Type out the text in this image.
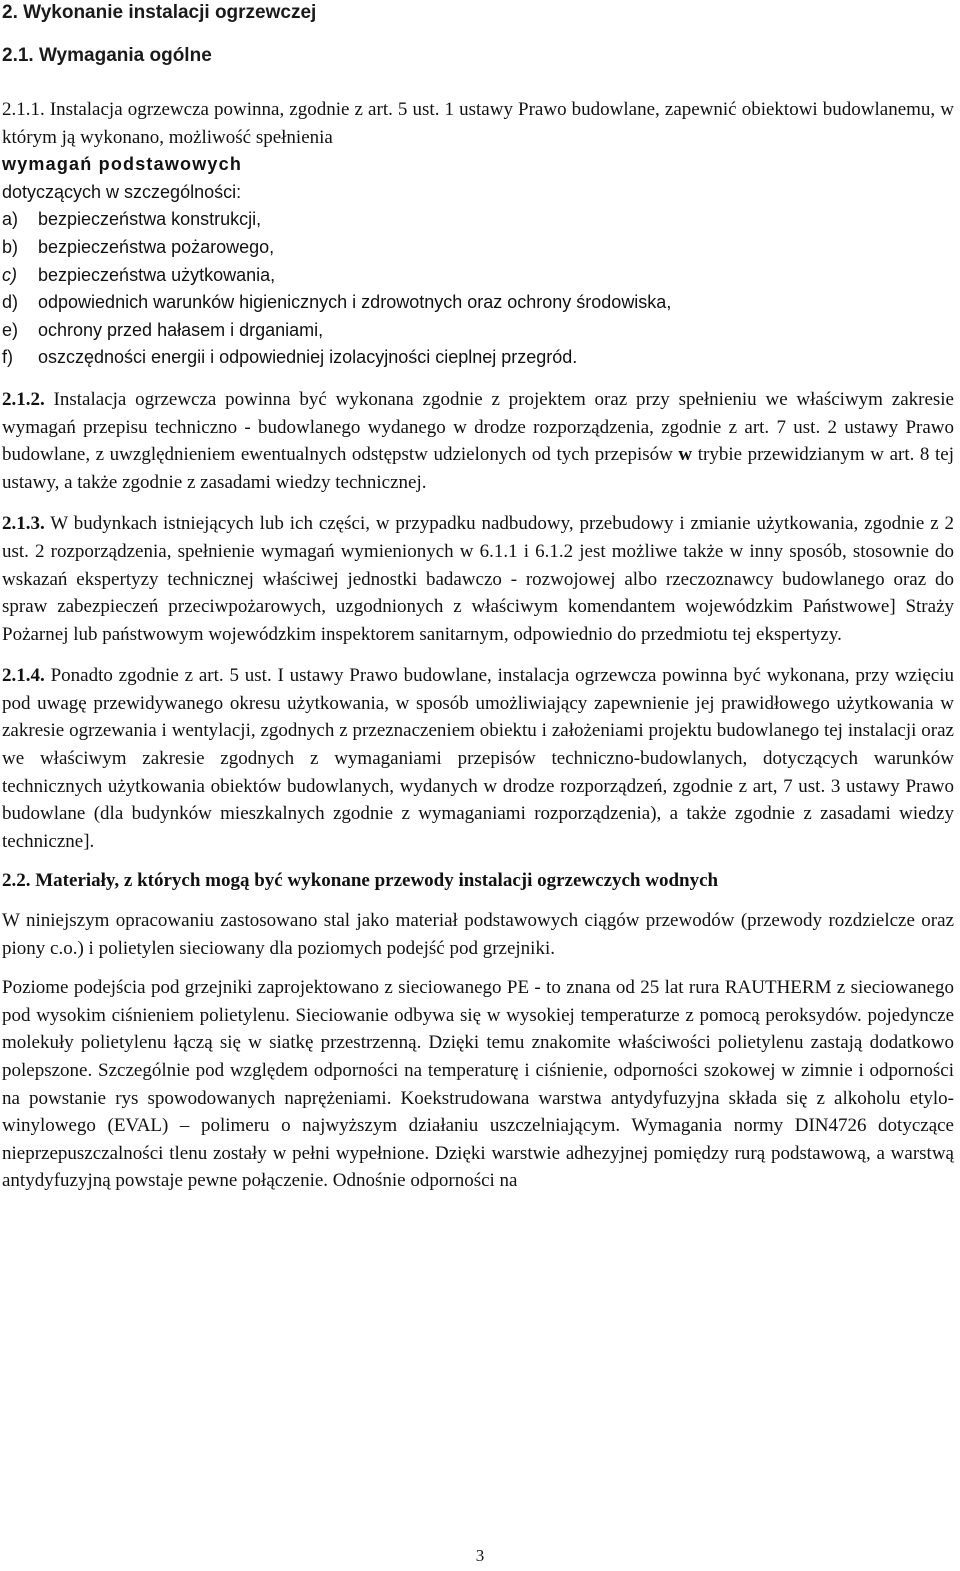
2. Wykonanie instalacji ogrzewczej
2.1. Wymagania ogólne

2.1.1. Instalacja ogrzewcza powinna, zgodnie z art. 5 ust. 1 ustawy Prawo budowlane, zapewnić obiektowi budowlanemu, w którym ją wykonano, możliwość spełnienia

wymagań podstawowych

dotyczących w szczególności:

a) bezpieczeństwa konstrukcji,
b) bezpieczeństwa pożarowego,
c) bezpieczeństwa użytkowania,
d) odpowiednich warunków higienicznych i zdrowotnych oraz ochrony środowiska,
e) ochrony przed hałasem i drganiami,
f) oszczędności energii i odpowiedniej izolacyjności cieplnej przegród.

2.1.2. Instalacja ogrzewcza powinna być wykonana zgodnie z projektem oraz przy spełnieniu we właściwym zakresie wymagań przepisu techniczno - budowlanego wydanego w drodze rozporządzenia, zgodnie z art. 7 ust. 2 ustawy Prawo budowlane, z uwzględnieniem ewentualnych odstępstw udzielonych od tych przepisów w trybie przewidzianym w art. 8 tej ustawy, a także zgodnie z zasadami wiedzy technicznej.

2.1.3. W budynkach istniejących lub ich części, w przypadku nadbudowy, przebudowy i zmianie użytkowania, zgodnie z 2 ust. 2 rozporządzenia, spełnienie wymagań wymienionych w 6.1.1 i 6.1.2 jest możliwe także w inny sposób, stosownie do wskazań ekspertyzy technicznej właściwej jednostki badawczo - rozwojowej albo rzeczoznawcy budowlanego oraz do spraw zabezpieczeń przeciwpożarowych, uzgodnionych z właściwym komendantem wojewódzkim Państwowe] Straży Pożarnej lub państwowym wojewódzkim inspektorem sanitarnym, odpowiednio do przedmiotu tej ekspertyzy.

2.1.4. Ponadto zgodnie z art. 5 ust. I ustawy Prawo budowlane, instalacja ogrzewcza powinna być wykonana, przy wzięciu pod uwagę przewidywanego okresu użytkowania, w sposób umożliwiający zapewnienie jej prawidłowego użytkowania w zakresie ogrzewania i wentylacji, zgodnych z przeznaczeniem obiektu i założeniami projektu budowlanego tej instalacji oraz we właściwym zakresie zgodnych z wymaganiami przepisów techniczno-budowlanych, dotyczących warunków technicznych użytkowania obiektów budowlanych, wydanych w drodze rozporządzeń, zgodnie z art, 7 ust. 3 ustawy Prawo budowlane (dla budynków mieszkalnych zgodnie z wymaganiami rozporządzenia), a także zgodnie z zasadami wiedzy techniczne].

2.2. Materiały, z których mogą być wykonane przewody instalacji ogrzewczych wodnych

W niniejszym opracowaniu zastosowano stal jako materiał podstawowych ciągów przewodów (przewody rozdzielcze oraz piony c.o.) i polietylen sieciowany dla poziomych podejść pod grzejniki.

Poziome podejścia pod grzejniki zaprojektowano z sieciowanego PE - to znana od 25 lat rura RAUTHERM z sieciowanego pod wysokim ciśnieniem polietylenu. Sieciowanie odbywa się w wysokiej temperaturze z pomocą peroksydów. pojedyncze molekuły polietylenu łączą się w siatkę przestrzenną. Dzięki temu znakomite właściwości polietylenu zastają dodatkowo polepszone. Szczególnie pod względem odporności na temperaturę i ciśnienie, odporności szokowej w zimnie i odporności na powstanie rys spowodowanych naprężeniami. Koekstrudowana warstwa antydyfuzyjna składa się z alkoholu etylo-winylowego (EVAL) – polimeru o najwyższym działaniu uszczelniającym. Wymagania normy DIN4726 dotyczące nieprzepuszczalności tlenu zostały w pełni wypełnione. Dzięki warstwie adhezyjnej pomiędzy rurą podstawową, a warstwą antydyfuzyjną powstaje pewne połączenie. Odnośnie odporności na

3
